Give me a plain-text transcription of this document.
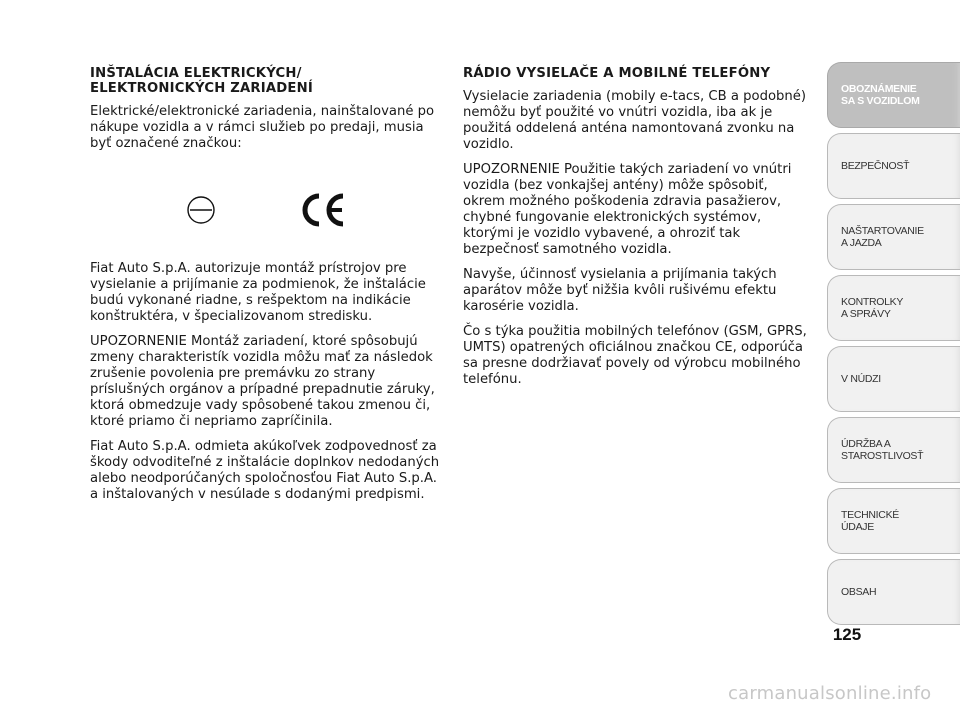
INŠTALÁCIA ELEKTRICKÝCH/
ELEKTRONICKÝCH ZARIADENÍ

Elektrické/elektronické zariadenia, nainštalované po nákupe vozidla a v rámci služieb po predaji, musia byť označené značkou:

Fiat Auto S.p.A. autorizuje montáž prístrojov pre vysielanie a prijímanie za podmienok, že inštalácie budú vykonané riadne, s rešpektom na indikácie konštruktéra, v špecializovanom stredisku.

UPOZORNENIE Montáž zariadení, ktoré spôsobujú zmeny charakteristík vozidla môžu mať za následok zrušenie povolenia pre premávku zo strany príslušných orgánov a prípadné prepadnutie záruky, ktorá obmedzuje vady spôsobené takou zmenou či, ktoré priamo či nepriamo zapríčinila.

Fiat Auto S.p.A. odmieta akúkoľvek zodpovednosť za škody odvoditeľné z inštalácie doplnkov nedodaných alebo neodporúčaných spoločnosťou Fiat Auto S.p.A. a inštalovaných v nesúlade s dodanými predpismi.

RÁDIO VYSIELAČE A MOBILNÉ TELEFÓNY

Vysielacie zariadenia (mobily e-tacs, CB a podobné) nemôžu byť použité vo vnútri vozidla, iba ak je použitá oddelená anténa namontovaná zvonku na vozidlo.

UPOZORNENIE Použitie takých zariadení vo vnútri vozidla (bez vonkajšej antény) môže spôsobiť, okrem možného poškodenia zdravia pasažierov, chybné fungovanie elektronických systémov, ktorými je vozidlo vybavené, a ohroziť tak bezpečnosť samotného vozidla.

Navyše, účinnosť vysielania a prijímania takých aparátov môže byť nižšia kvôli rušivému efektu karosérie vozidla.

Čo s týka použitia mobilných telefónov (GSM, GPRS, UMTS) opatrených oficiálnou značkou CE, odporúča sa presne dodržiavať povely od výrobcu mobilného telefónu.

OBOZNÁMENIE
SA S VOZIDLOM
BEZPEČNOSŤ
NAŠTARTOVANIE
A JAZDA
KONTROLKY
A SPRÁVY
V NÚDZI
ÚDRŽBA A
STAROSTLIVOSŤ
TECHNICKÉ
ÚDAJE
OBSAH
125
carmanualsonline.info
